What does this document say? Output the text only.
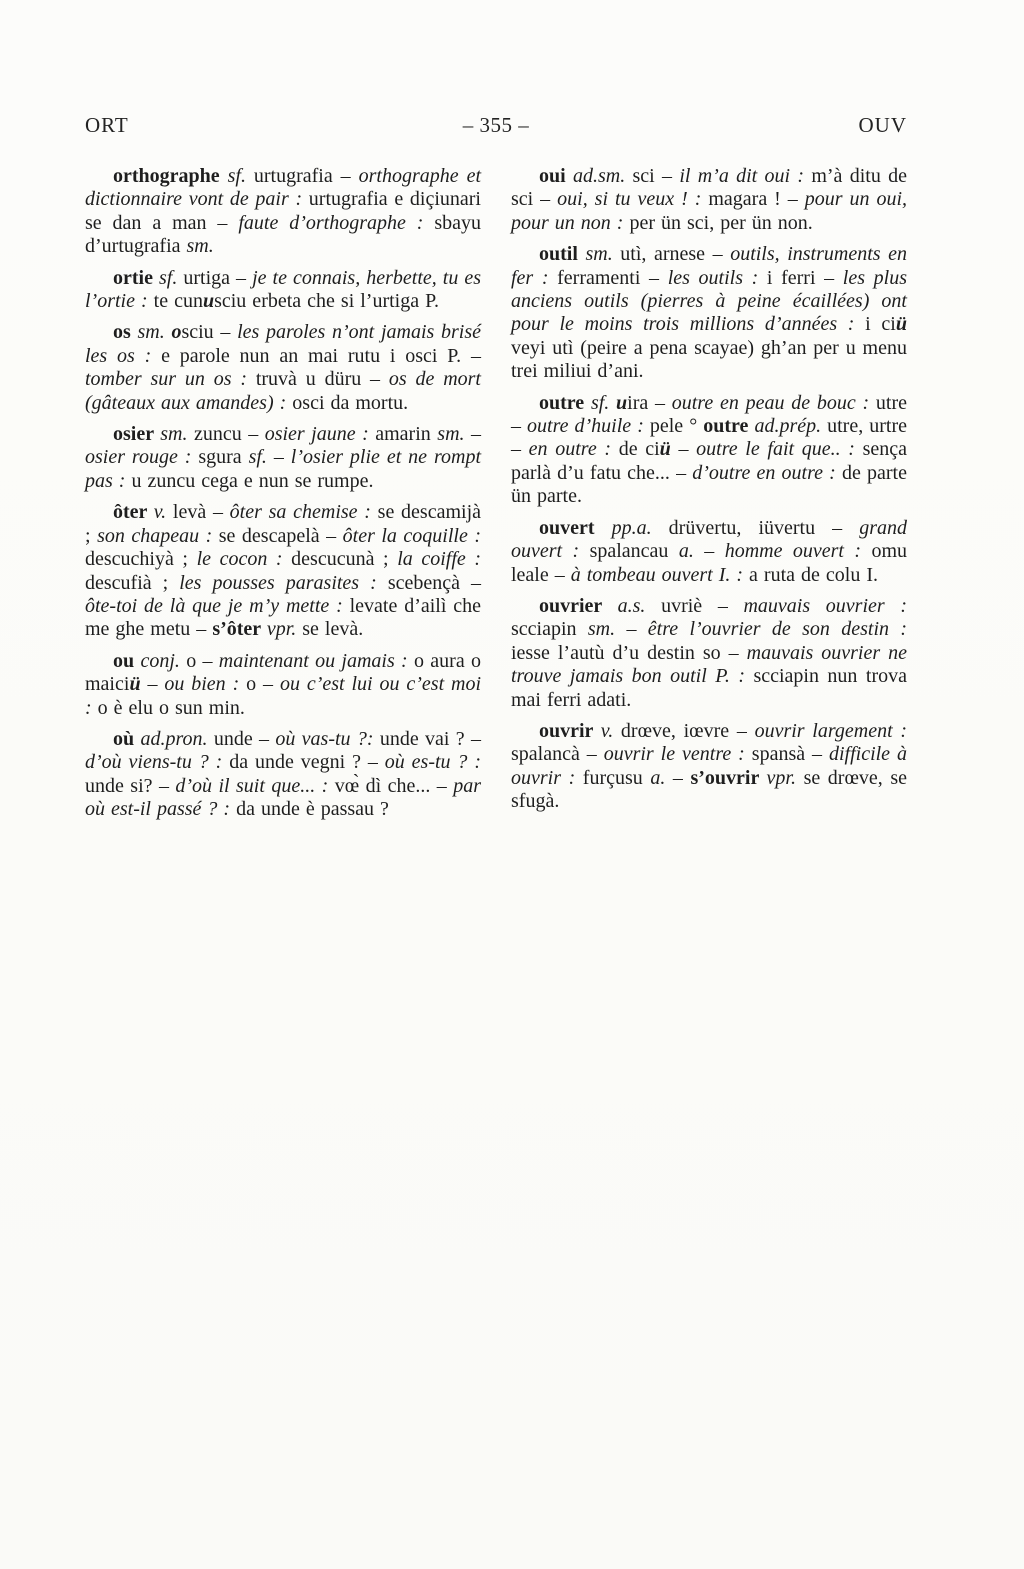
– 355 –
ORT	OUV

orthographe sf. urtugrafia – orthographe et dictionnaire vont de pair : urtugrafia e diçiunari se dan a man – faute d’orthographe : sbayu d’urtugrafia sm.

ortie sf. urtiga – je te connais, herbette, tu es l’ortie : te cunusciu erbeta che si l’urtiga P.

os sm. osciu – les paroles n’ont jamais brisé les os : e parole nun an mai rutu i osci P. – tomber sur un os : truvà u düru – os de mort (gâteaux aux amandes) : osci da mortu.

osier sm. zuncu – osier jaune : amarin sm. – osier rouge : sgura sf. – l’osier plie et ne rompt pas : u zuncu cega e nun se rumpe.

ôter v. levà – ôter sa chemise : se descamijà ; son chapeau : se descapelà – ôter la coquille : descuchiyà ; le cocon : descucunà ; la coiffe : descufià ; les pousses parasites : scebençà – ôte-toi de là que je m’y mette : levate d’ailì che me ghe metu – s’ôter vpr. se levà.

ou conj. o – maintenant ou jamais : o aura o maiciü – ou bien : o – ou c’est lui ou c’est moi : o è elu o sun min.

où ad.pron. unde – où vas-tu ?: unde vai ? – d’où viens-tu ? : da unde vegni ? – où es-tu ? : unde si? – d’où il suit que... : vœ̀ dì che... – par où est-il passé ? : da unde è passau ?

oui ad.sm. sci – il m’a dit oui : m’à ditu de sci – oui, si tu veux ! : magara ! – pour un oui, pour un non : per ün sci, per ün non.

outil sm. utì, arnese – outils, instruments en fer : ferramenti – les outils : i ferri – les plus anciens outils (pierres à peine écaillées) ont pour le moins trois millions d’années : i ciü veyi utì (peire a pena scayae) gh’an per u menu trei miliui d’ani.

outre sf. uira – outre en peau de bouc : utre – outre d’huile : pele ° outre ad.prép. utre, urtre – en outre : de ciü – outre le fait que.. : sença parlà d’u fatu che... – d’outre en outre : de parte ün parte.

ouvert pp.a. drüvertu, iüvertu – grand ouvert : spalancau a. – homme ouvert : omu leale – à tombeau ouvert I. : a ruta de colu I.

ouvrier a.s. uvriè – mauvais ouvrier : scciapin sm. – être l’ouvrier de son destin : iesse l’autù d’u destin so – mauvais ouvrier ne trouve jamais bon outil P. : scciapin nun trova mai ferri adati.

ouvrir v. drœve, iœvre – ouvrir largement : spalancà – ouvrir le ventre : spansà – difficile à ouvrir : furçusu a. – s’ouvrir vpr. se drœve, se sfugà.
